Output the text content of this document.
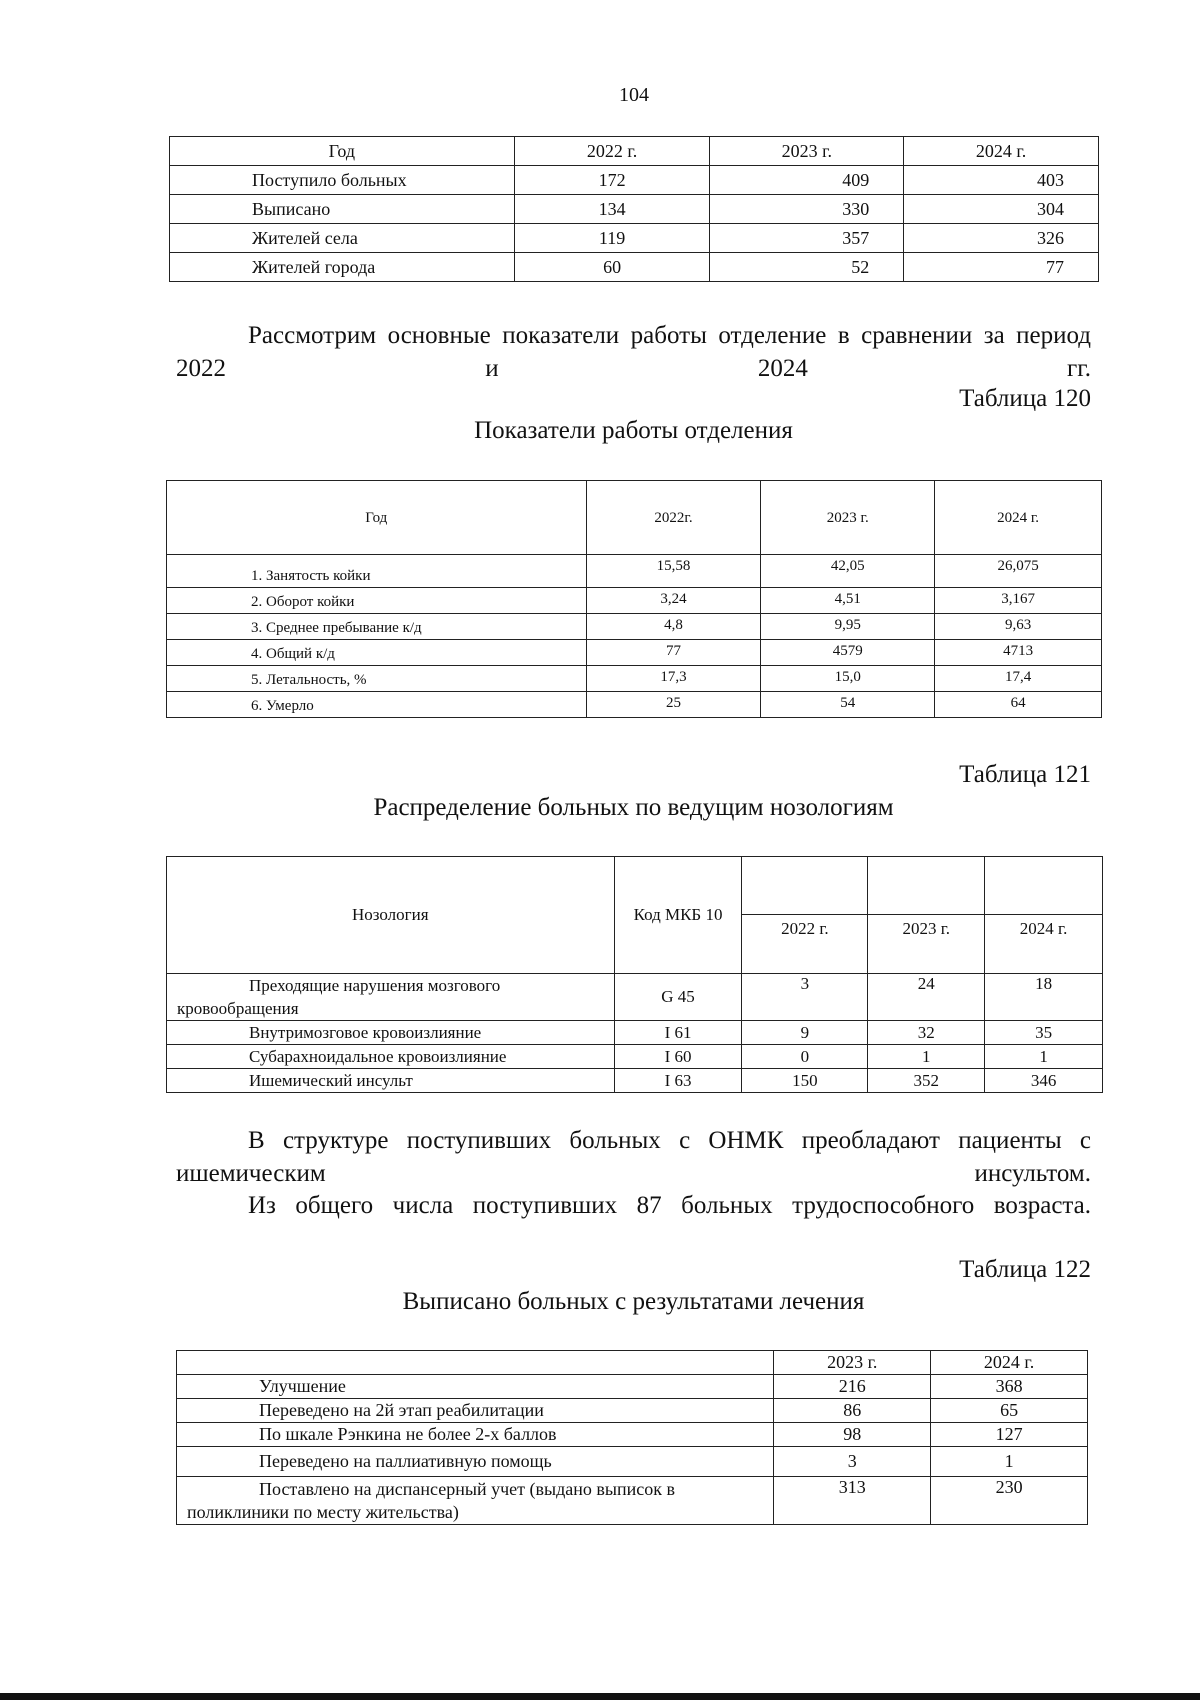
104
Год	2022 г.	2023 г.	2024 г.
Поступило больных	172	409	403
Выписано	134	330	304
Жителей села	119	357	326
Жителей города	60	52	77
Рассмотрим основные показатели работы отделение в сравнении за период 2022 и 2024 гг.
Таблица 120
Показатели работы отделения
Год	2022г.	2023 г.	2024 г.
1. Занятость койки	15,58	42,05	26,075
2. Оборот койки	3,24	4,51	3,167
3. Среднее пребывание к/д	4,8	9,95	9,63
4. Общий к/д	77	4579	4713
5. Летальность, %	17,3	15,0	17,4
6. Умерло	25	54	64
Таблица 121
Распределение больных по ведущим нозологиям
Нозология	Код МКБ 10			
		2022 г.	2023 г.	2024 г.
Преходящие нарушения мозгового кровообращения	G 45	3	24	18
Внутримозговое кровоизлияние	I 61	9	32	35
Субарахноидальное кровоизлияние	I 60	0	1	1
Ишемический инсульт	I 63	150	352	346
В структуре поступивших больных с ОНМК преобладают пациенты с ишемическим инсультом.
Из общего числа поступивших 87 больных трудоспособного возраста.
Таблица 122
Выписано больных с результатами лечения
	2023 г.	2024 г.
Улучшение	216	368
Переведено на 2й этап реабилитации	86	65
По шкале Рэнкина не более 2-х баллов	98	127
Переведено на паллиативную помощь	3	1
Поставлено на диспансерный учет (выдано выписок в поликлиники по месту жительства)	313	230
